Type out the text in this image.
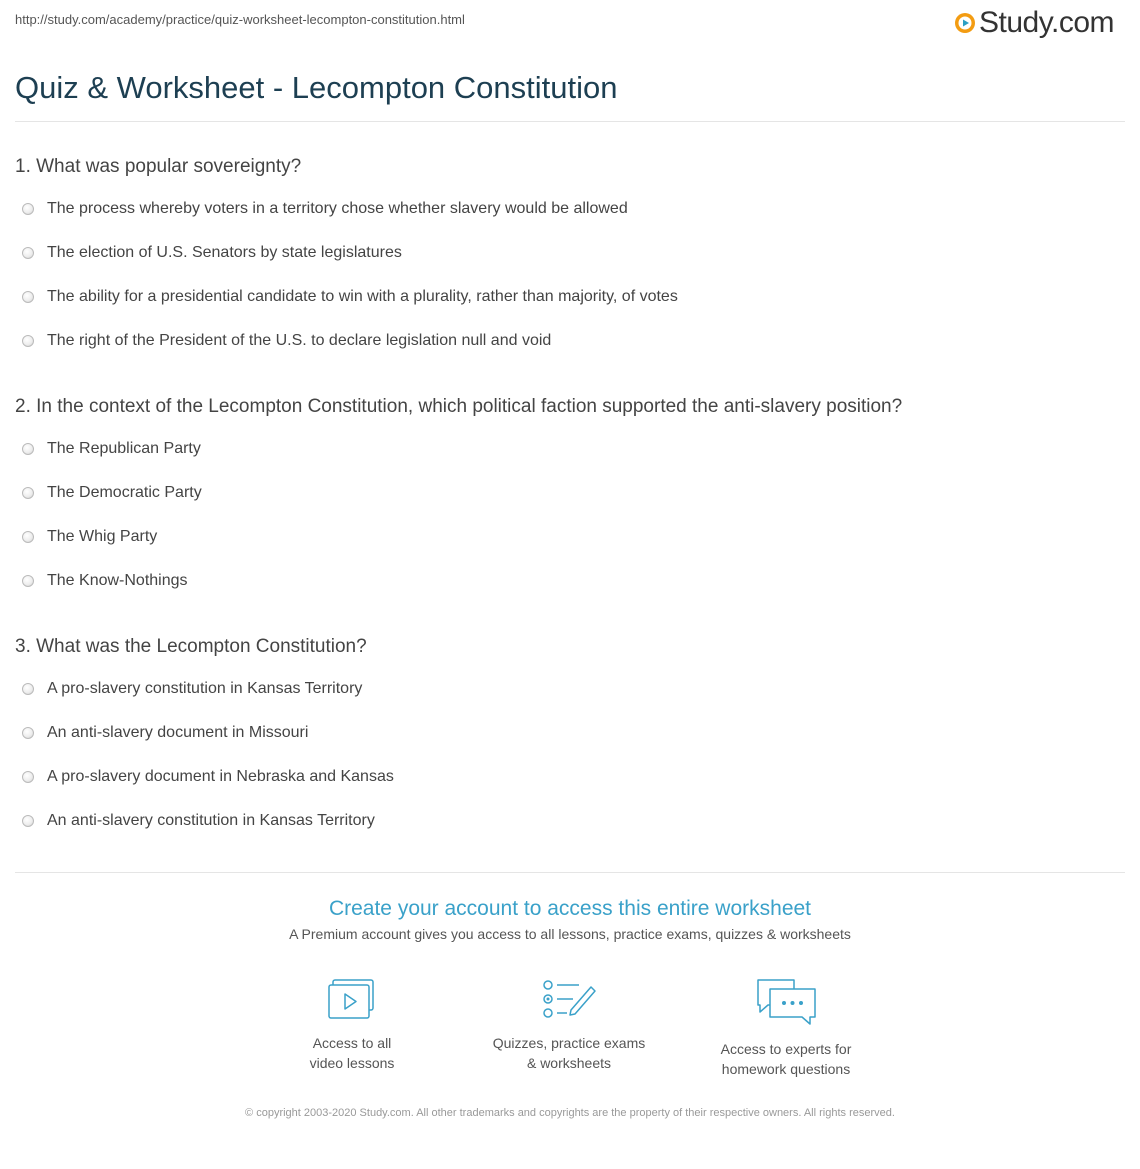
http://study.com/academy/practice/quiz-worksheet-lecompton-constitution.html	Study.com
Quiz & Worksheet - Lecompton Constitution
1. What was popular sovereignty?
The process whereby voters in a territory chose whether slavery would be allowed
The election of U.S. Senators by state legislatures
The ability for a presidential candidate to win with a plurality, rather than majority, of votes
The right of the President of the U.S. to declare legislation null and void
2. In the context of the Lecompton Constitution, which political faction supported the anti-slavery position?
The Republican Party
The Democratic Party
The Whig Party
The Know-Nothings
3. What was the Lecompton Constitution?
A pro-slavery constitution in Kansas Territory
An anti-slavery document in Missouri
A pro-slavery document in Nebraska and Kansas
An anti-slavery constitution in Kansas Territory
Create your account to access this entire worksheet
A Premium account gives you access to all lessons, practice exams, quizzes & worksheets
Access to all
video lessons
Quizzes, practice exams
& worksheets
Access to experts for
homework questions
© copyright 2003-2020 Study.com. All other trademarks and copyrights are the property of their respective owners. All rights reserved.
